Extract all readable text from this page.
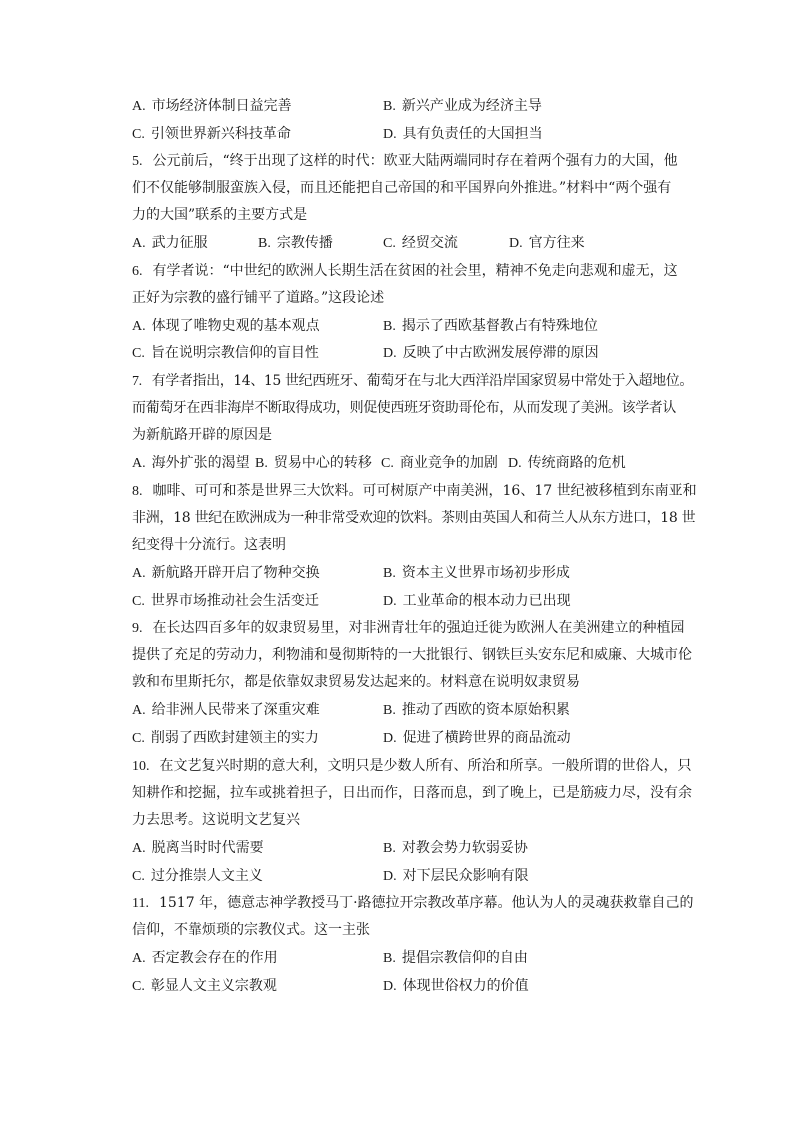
A. 市场经济体制日益完善	B. 新兴产业成为经济主导
C. 引领世界新兴科技革命	D. 具有负责任的大国担当
5. 公元前后，“终于出现了这样的时代：欧亚大陆两端同时存在着两个强有力的大国，他
们不仅能够制服蛮族入侵，而且还能把自己帝国的和平国界向外推进。”材料中“两个强有
力的大国”联系的主要方式是
A. 武力征服	B. 宗教传播	C. 经贸交流	D. 官方往来
6. 有学者说：“中世纪的欧洲人长期生活在贫困的社会里，精神不免走向悲观和虚无，这
正好为宗教的盛行铺平了道路。”这段论述
A. 体现了唯物史观的基本观点	B. 揭示了西欧基督教占有特殊地位
C. 旨在说明宗教信仰的盲目性	D. 反映了中古欧洲发展停滞的原因
7. 有学者指出，14、15 世纪西班牙、葡萄牙在与北大西洋沿岸国家贸易中常处于入超地位。
而葡萄牙在西非海岸不断取得成功，则促使西班牙资助哥伦布，从而发现了美洲。该学者认
为新航路开辟的原因是
A. 海外扩张的渴望 B. 贸易中心的转移 C. 商业竞争的加剧 D. 传统商路的危机
8. 咖啡、可可和茶是世界三大饮料。可可树原产中南美洲，16、17 世纪被移植到东南亚和
非洲，18 世纪在欧洲成为一种非常受欢迎的饮料。茶则由英国人和荷兰人从东方进口，18 世
纪变得十分流行。这表明
A. 新航路开辟开启了物种交换	B. 资本主义世界市场初步形成
C. 世界市场推动社会生活变迁	D. 工业革命的根本动力已出现
9. 在长达四百多年的奴隶贸易里，对非洲青壮年的强迫迁徙为欧洲人在美洲建立的种植园
提供了充足的劳动力，利物浦和曼彻斯特的一大批银行、钢铁巨头安东尼和威廉、大城市伦
敦和布里斯托尔，都是依靠奴隶贸易发达起来的。材料意在说明奴隶贸易
A. 给非洲人民带来了深重灾难	B. 推动了西欧的资本原始积累
C. 削弱了西欧封建领主的实力	D. 促进了横跨世界的商品流动
10. 在文艺复兴时期的意大利，文明只是少数人所有、所治和所享。一般所谓的世俗人，只
知耕作和挖掘，拉车或挑着担子，日出而作，日落而息，到了晚上，已是筋疲力尽，没有余
力去思考。这说明文艺复兴
A. 脱离当时时代需要	B. 对教会势力软弱妥协
C. 过分推崇人文主义	D. 对下层民众影响有限
11. 1517 年，德意志神学教授马丁·路德拉开宗教改革序幕。他认为人的灵魂获救靠自己的
信仰，不靠烦琐的宗教仪式。这一主张
A. 否定教会存在的作用	B. 提倡宗教信仰的自由
C. 彰显人文主义宗教观	D. 体现世俗权力的价值
